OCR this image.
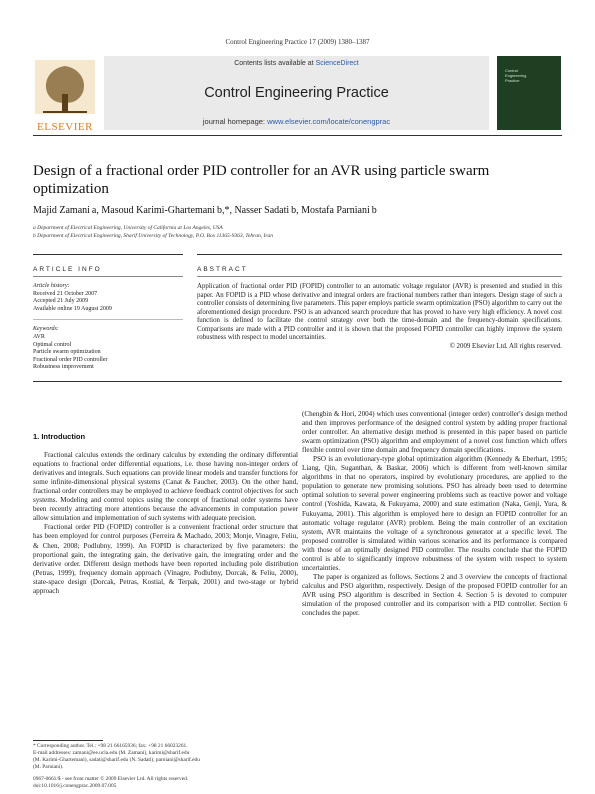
Control Engineering Practice 17 (2009) 1380–1387
Contents lists available at ScienceDirect
Control Engineering Practice
journal homepage: www.elsevier.com/locate/conengprac
ELSEVIER
Control
Engineering
Practice
Design of a fractional order PID controller for an AVR using particle swarm optimization
Majid Zamani a, Masoud Karimi-Ghartemani b,*, Nasser Sadati b, Mostafa Parniani b
a Department of Electrical Engineering, University of California at Los Angeles, USA
b Department of Electrical Engineering, Sharif University of Technology, P.O. Box 11365-9363, Tehran, Iran
ARTICLE INFO	ABSTRACT
Article history:
Received 21 October 2007
Accepted 21 July 2009
Available online 19 August 2009
Keywords:
AVR
Optimal control
Particle swarm optimization
Fractional order PID controller
Robustness improvement
Application of fractional order PID (FOPID) controller to an automatic voltage regulator (AVR) is presented and studied in this paper. An FOPID is a PID whose derivative and integral orders are fractional numbers rather than integers. Design stage of such a controller consists of determining five parameters. This paper employs particle swarm optimization (PSO) algorithm to carry out the aforementioned design procedure. PSO is an advanced search procedure that has proved to have very high efficiency. A novel cost function is defined to facilitate the control strategy over both the time-domain and the frequency-domain specifications. Comparisons are made with a PID controller and it is shown that the proposed FOPID controller can highly improve the system robustness with respect to model uncertainties.
© 2009 Elsevier Ltd. All rights reserved.

1. Introduction

Fractional calculus extends the ordinary calculus by extending the ordinary differential equations to fractional order differential equations, i.e. those having non-integer orders of derivatives and integrals. Such equations can provide linear models and transfer functions for some infinite-dimensional physical systems (Canat & Faucher, 2003). On the other hand, fractional order controllers may be employed to achieve feedback control objectives for such systems. Modeling and control topics using the concept of fractional order systems have been recently attracting more attentions because the advancements in computation power allow simulation and implementation of such systems with adequate precision.

Fractional order PID (FOPID) controller is a convenient fractional order structure that has been employed for control purposes (Ferreira & Machado, 2003; Monje, Vinagre, Feliu, & Chen, 2008; Podlubny, 1999). An FOPID is characterized by five parameters: the proportional gain, the integrating gain, the derivative gain, the integrating order and the derivative order. Different design methods have been reported including pole distribution (Petras, 1999), frequency domain approach (Vinagre, Podlubny, Dorcak, & Feliu, 2000), state-space design (Dorcak, Petras, Kostial, & Terpak, 2001) and two-stage or hybrid approach

(Chengbin & Hori, 2004) which uses conventional (integer order) controller's design method and then improves performance of the designed control system by adding proper fractional order controller. An alternative design method is presented in this paper based on particle swarm optimization (PSO) algorithm and employment of a novel cost function which offers flexible control over time domain and frequency domain specifications.

PSO is an evolutionary-type global optimization algorithm (Kennedy & Eberhart, 1995; Liang, Qin, Suganthan, & Baskar, 2006) which is different from well-known similar algorithms in that no operators, inspired by evolutionary procedures, are applied to the population to generate new promising solutions. PSO has already been used to determine optimal solution to several power engineering problems such as reactive power and voltage control (Yoshida, Kawata, & Fukuyama, 2000) and state estimation (Naka, Genji, Yura, & Fukuyama, 2001). This algorithm is employed here to design an FOPID controller for an automatic voltage regulator (AVR) problem. Being the main controller of an excitation system, AVR maintains the voltage of a synchronous generator at a specific level. The proposed controller is simulated within various scenarios and its performance is compared with those of an optimally designed PID controller. The results conclude that the FOPID control is able to significantly improve robustness of the system with respect to system uncertainties.

The paper is organized as follows. Sections 2 and 3 overview the concepts of fractional calculus and PSO algorithm, respectively. Design of the proposed FOPID controller for an AVR using PSO algorithm is described in Section 4. Section 5 is devoted to computer simulation of the proposed controller and its comparison with a PID controller. Section 6 concludes the paper.

* Corresponding author. Tel.: +98 21 66165936; fax: +98 21 66023261.
E-mail addresses: zamani@ee.ucla.edu (M. Zamani), karimi@sharif.edu
(M. Karimi-Ghartemani), sadati@sharif.edu (N. Sadati), parniani@sharif.edu
(M. Parniani).
0967-0661/$ - see front matter © 2009 Elsevier Ltd. All rights reserved.
doi:10.1016/j.conengprac.2009.07.005
